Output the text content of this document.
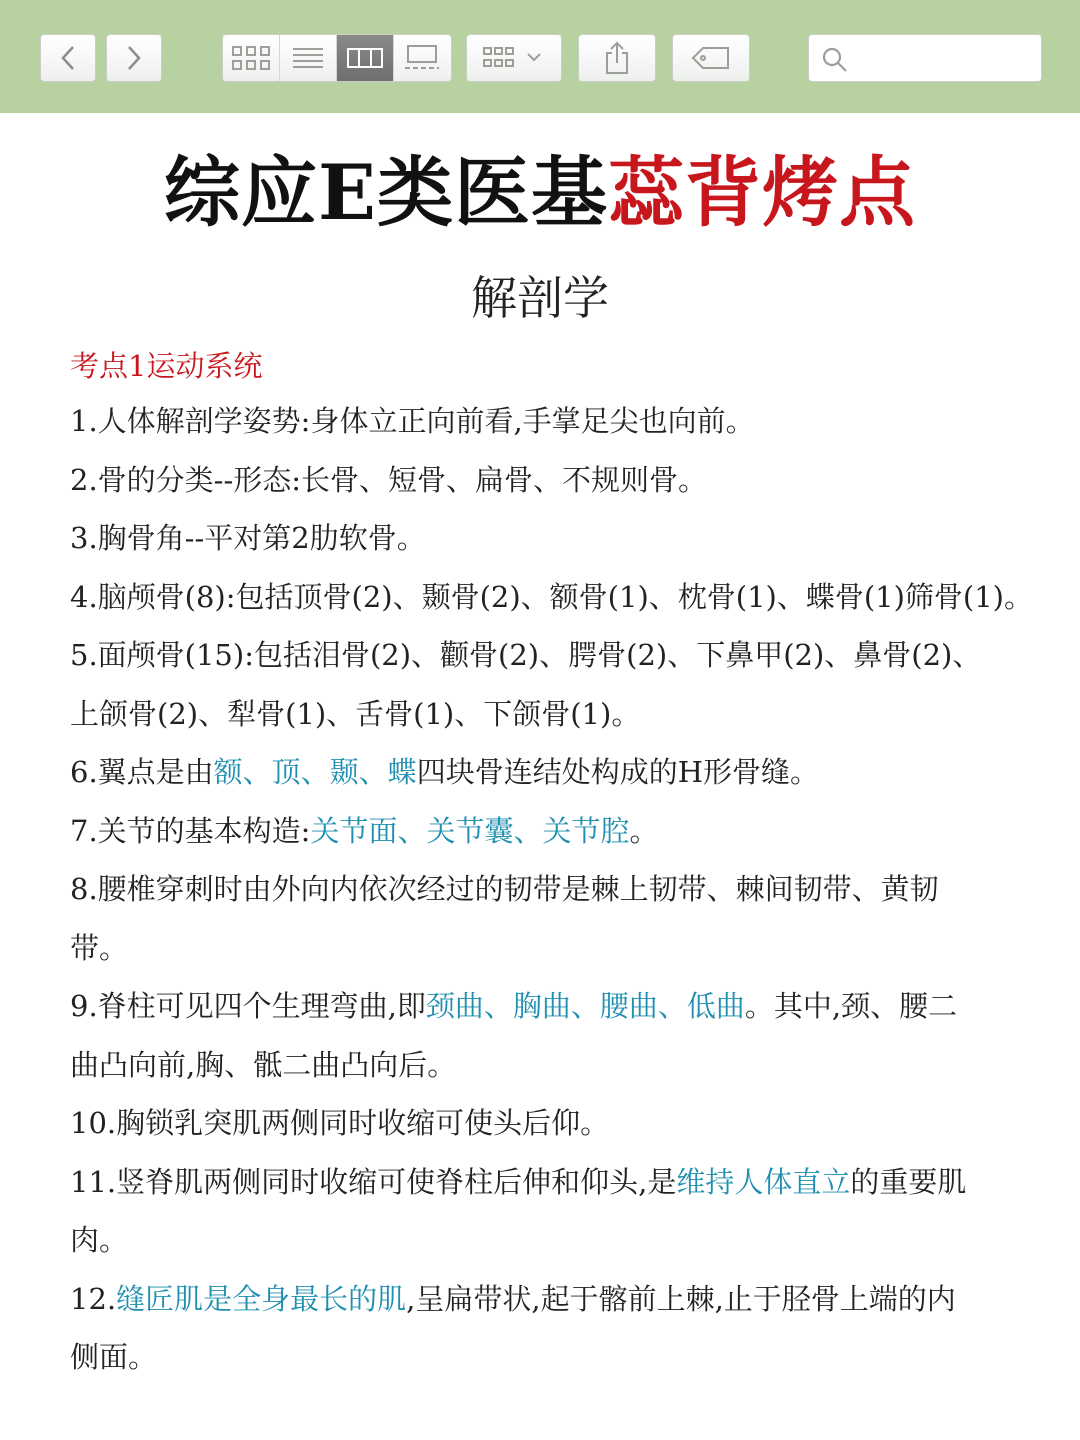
综应E类医基蕊背烤点
解剖学
考点1运动系统
1.人体解剖学姿势:身体立正向前看,手掌足尖也向前。
2.骨的分类--形态:长骨、短骨、扁骨、不规则骨。
3.胸骨角--平对第2肋软骨。
4.脑颅骨(8):包括顶骨(2)、颞骨(2)、额骨(1)、枕骨(1)、蝶骨(1)筛骨(1)。
5.面颅骨(15):包括泪骨(2)、颧骨(2)、腭骨(2)、下鼻甲(2)、鼻骨(2)、
上颌骨(2)、犁骨(1)、舌骨(1)、下颌骨(1)。
6.翼点是由额、顶、颞、蝶四块骨连结处构成的H形骨缝。
7.关节的基本构造:关节面、关节囊、关节腔。
8.腰椎穿刺时由外向内依次经过的韧带是棘上韧带、棘间韧带、黄韧
带。
9.脊柱可见四个生理弯曲,即颈曲、胸曲、腰曲、低曲。其中,颈、腰二
曲凸向前,胸、骶二曲凸向后。
10.胸锁乳突肌两侧同时收缩可使头后仰。
11.竖脊肌两侧同时收缩可使脊柱后伸和仰头,是维持人体直立的重要肌
肉。
12.缝匠肌是全身最长的肌,呈扁带状,起于髂前上棘,止于胫骨上端的内
侧面。
